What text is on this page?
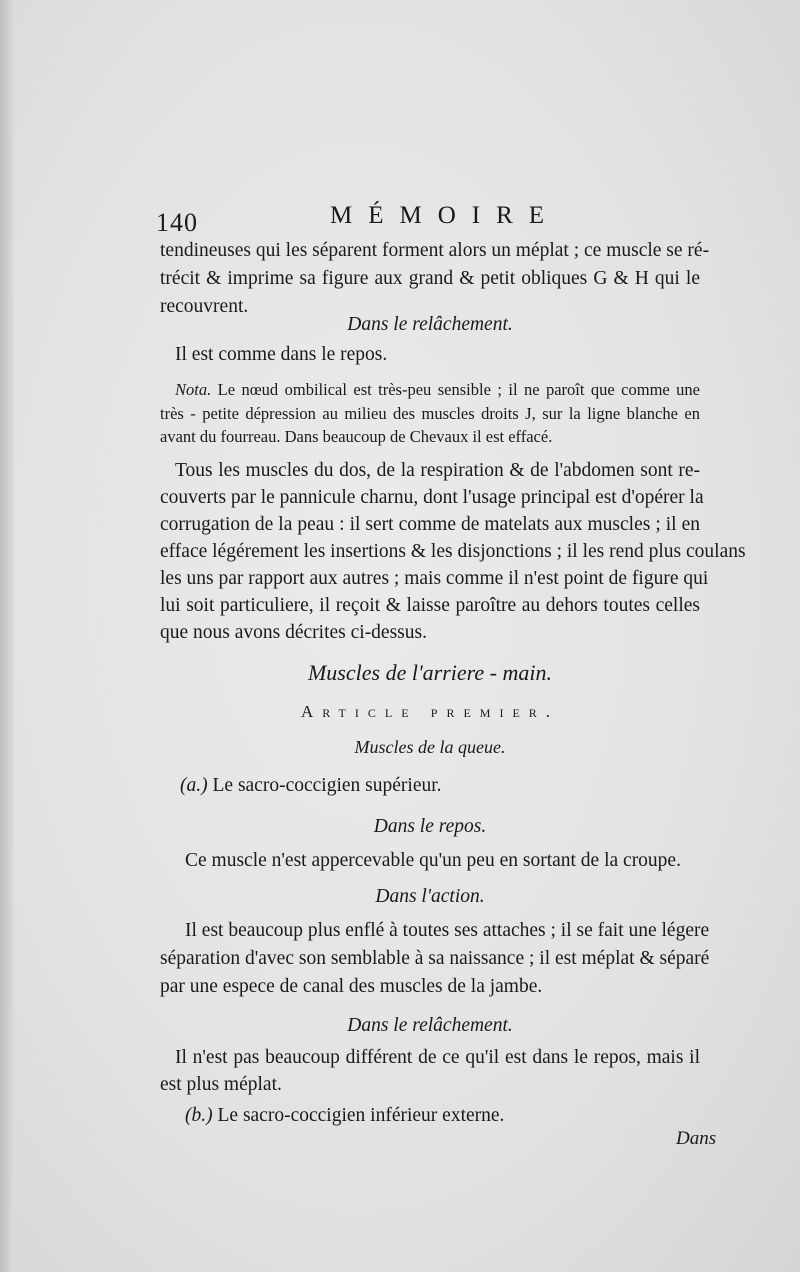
140	MÉMOIRE
tendineuses qui les séparent forment alors un méplat ; ce muscle se ré-
trécit & imprime sa figure aux grand & petit obliques G & H qui le
recouvrent.
Dans le relâchement.
Il est comme dans le repos.
Nota. Le nœud ombilical est très-peu sensible ; il ne paroît que comme une
très - petite dépression au milieu des muscles droits J, sur la ligne blanche en
avant du fourreau. Dans beaucoup de Chevaux il est effacé.
Tous les muscles du dos, de la respiration & de l'abdomen sont re-
couverts par le pannicule charnu, dont l'usage principal est d'opérer la
corrugation de la peau : il sert comme de matelats aux muscles ; il en
efface légérement les insertions & les disjonctions ; il les rend plus coulans
les uns par rapport aux autres ; mais comme il n'est point de figure qui
lui soit particuliere, il reçoit & laisse paroître au dehors toutes celles
que nous avons décrites ci-dessus.
Muscles de l'arriere - main.
Article premier.
Muscles de la queue.
(a.) Le sacro-coccigien supérieur.
Dans le repos.
Ce muscle n'est appercevable qu'un peu en sortant de la croupe.
Dans l'action.
Il est beaucoup plus enflé à toutes ses attaches ; il se fait une légere
séparation d'avec son semblable à sa naissance ; il est méplat & séparé
par une espece de canal des muscles de la jambe.
Dans le relâchement.
Il n'est pas beaucoup différent de ce qu'il est dans le repos, mais il
est plus méplat.
(b.) Le sacro-coccigien inférieur externe.
Dans
